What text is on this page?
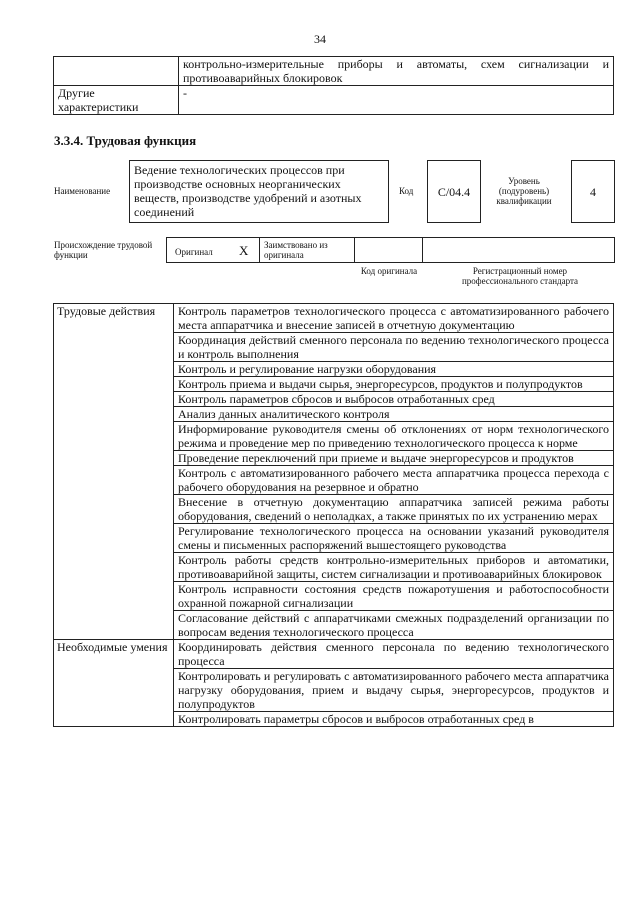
34
	контрольно-измерительные приборы и автоматы, схем сигнализации и противоаварийных блокировок
Другие характеристики	-
3.3.4. Трудовая функция
Наименование
Ведение технологических процессов при производстве основных неорганических веществ, производстве удобрений и азотных соединений
Код	C/04.4
Уровень (подуровень) квалификации
4
Происхождение трудовой функции	Оригинал X Заимствовано из оригинала
Код оригинала	Регистрационный номер профессионального стандарта
Трудовые действия	Контроль параметров технологического процесса с автоматизированного рабочего места аппаратчика и внесение записей в отчетную документацию
	Координация действий сменного персонала по ведению технологического процесса и контроль выполнения
	Контроль и регулирование нагрузки оборудования
	Контроль приема и выдачи сырья, энергоресурсов, продуктов и полупродуктов
	Контроль параметров сбросов и выбросов отработанных сред
	Анализ данных аналитического контроля
	Информирование руководителя смены об отклонениях от норм технологического режима и проведение мер по приведению технологического процесса к норме
	Проведение переключений при приеме и выдаче энергоресурсов и продуктов
	Контроль с автоматизированного рабочего места аппаратчика процесса перехода с рабочего оборудования на резервное и обратно
	Внесение в отчетную документацию аппаратчика записей режима работы оборудования, сведений о неполадках, а также принятых по их устранению мерах
	Регулирование технологического процесса на основании указаний руководителя смены и письменных распоряжений вышестоящего руководства
	Контроль работы средств контрольно-измерительных приборов и автоматики, противоаварийной защиты, систем сигнализации и противоаварийных блокировок
	Контроль исправности состояния средств пожаротушения и работоспособности охранной пожарной сигнализации
	Согласование действий с аппаратчиками смежных подразделений организации по вопросам ведения технологического процесса
Необходимые умения	Координировать действия сменного персонала по ведению технологического процесса
	Контролировать и регулировать с автоматизированного рабочего места аппаратчика нагрузку оборудования, прием и выдачу сырья, энергоресурсов, продуктов и полупродуктов
	Контролировать параметры сбросов и выбросов отработанных сред в
